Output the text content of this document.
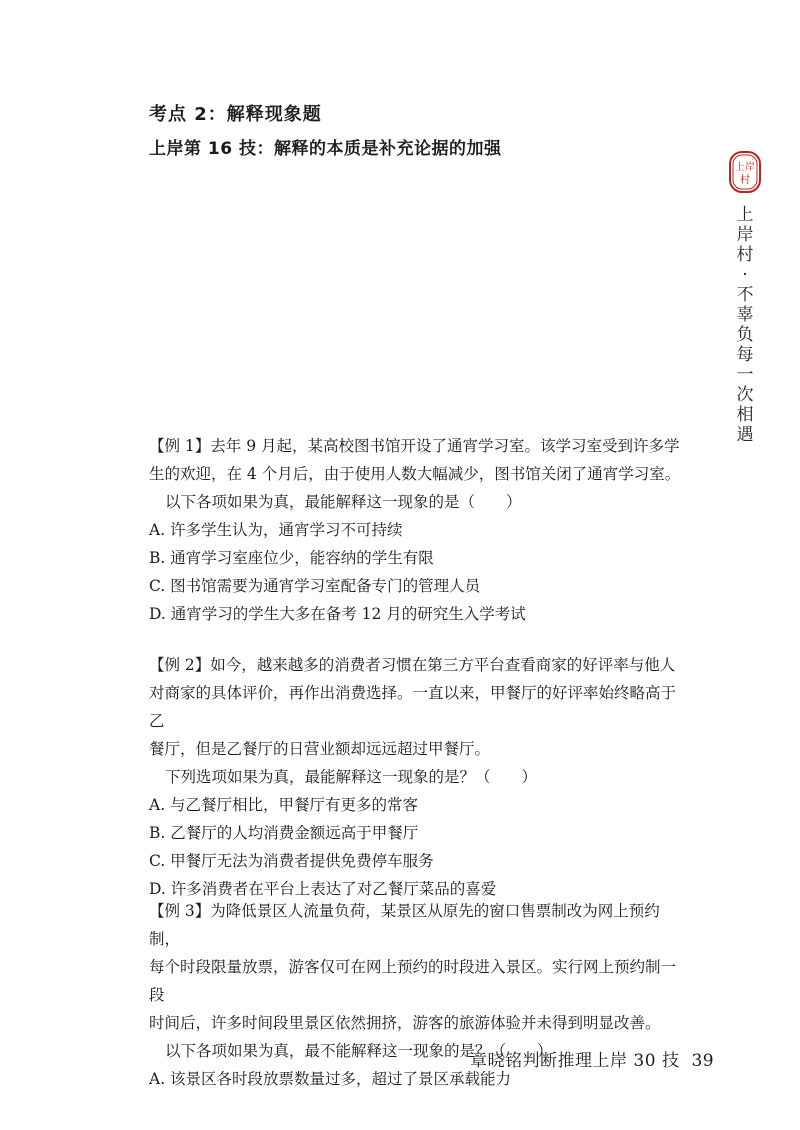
考点 2：解释现象题
上岸第 16 技：解释的本质是补充论据的加强
上岸
村
上岸村·不辜负每一次相遇
【例 1】去年 9 月起，某高校图书馆开设了通宵学习室。该学习室受到许多学
生的欢迎，在 4 个月后，由于使用人数大幅减少，图书馆关闭了通宵学习室。
以下各项如果为真，最能解释这一现象的是（　　）
A. 许多学生认为，通宵学习不可持续
B. 通宵学习室座位少，能容纳的学生有限
C. 图书馆需要为通宵学习室配备专门的管理人员
D. 通宵学习的学生大多在备考 12 月的研究生入学考试
【例 2】如今，越来越多的消费者习惯在第三方平台查看商家的好评率与他人
对商家的具体评价，再作出消费选择。一直以来，甲餐厅的好评率始终略高于乙
餐厅，但是乙餐厅的日营业额却远远超过甲餐厅。
下列选项如果为真，最能解释这一现象的是？（　　）
A. 与乙餐厅相比，甲餐厅有更多的常客
B. 乙餐厅的人均消费金额远高于甲餐厅
C. 甲餐厅无法为消费者提供免费停车服务
D. 许多消费者在平台上表达了对乙餐厅菜品的喜爱
【例 3】为降低景区人流量负荷，某景区从原先的窗口售票制改为网上预约制，
每个时段限量放票，游客仅可在网上预约的时段进入景区。实行网上预约制一段
时间后，许多时间段里景区依然拥挤，游客的旅游体验并未得到明显改善。
以下各项如果为真，最不能解释这一现象的是？（　　）
A. 该景区各时段放票数量过多，超过了景区承载能力
章晓铭判断推理上岸 30 技 39
